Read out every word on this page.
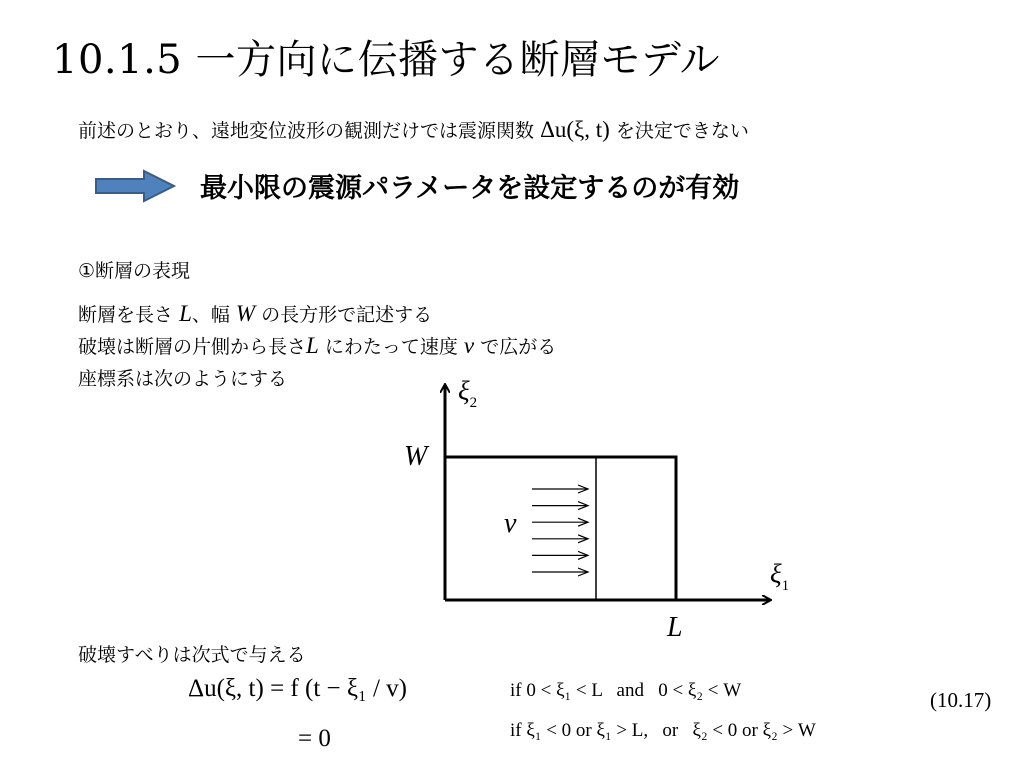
10.1.5 一方向に伝播する断層モデル
前述のとおり、遠地変位波形の観測だけでは震源関数 Δu(ξ, t) を決定できない
最小限の震源パラメータを設定するのが有効
①断層の表現
断層を長さ L、幅 W の長方形で記述する
破壊は断層の片側から長さL にわたって速度 v で広がる
座標系は次のようにする	$\xi_2$
$\xi_1$
W
L
v
破壊すべりは次式で与える
Δu(ξ, t) = f (t − ξ₁ / v)	if 0 < ξ₁ < L   and   0 < ξ₂ < W
= 0	if ξ₁ < 0 or ξ₁ > L,   or   ξ₂ < 0 or ξ₂ > W
(10.17)
